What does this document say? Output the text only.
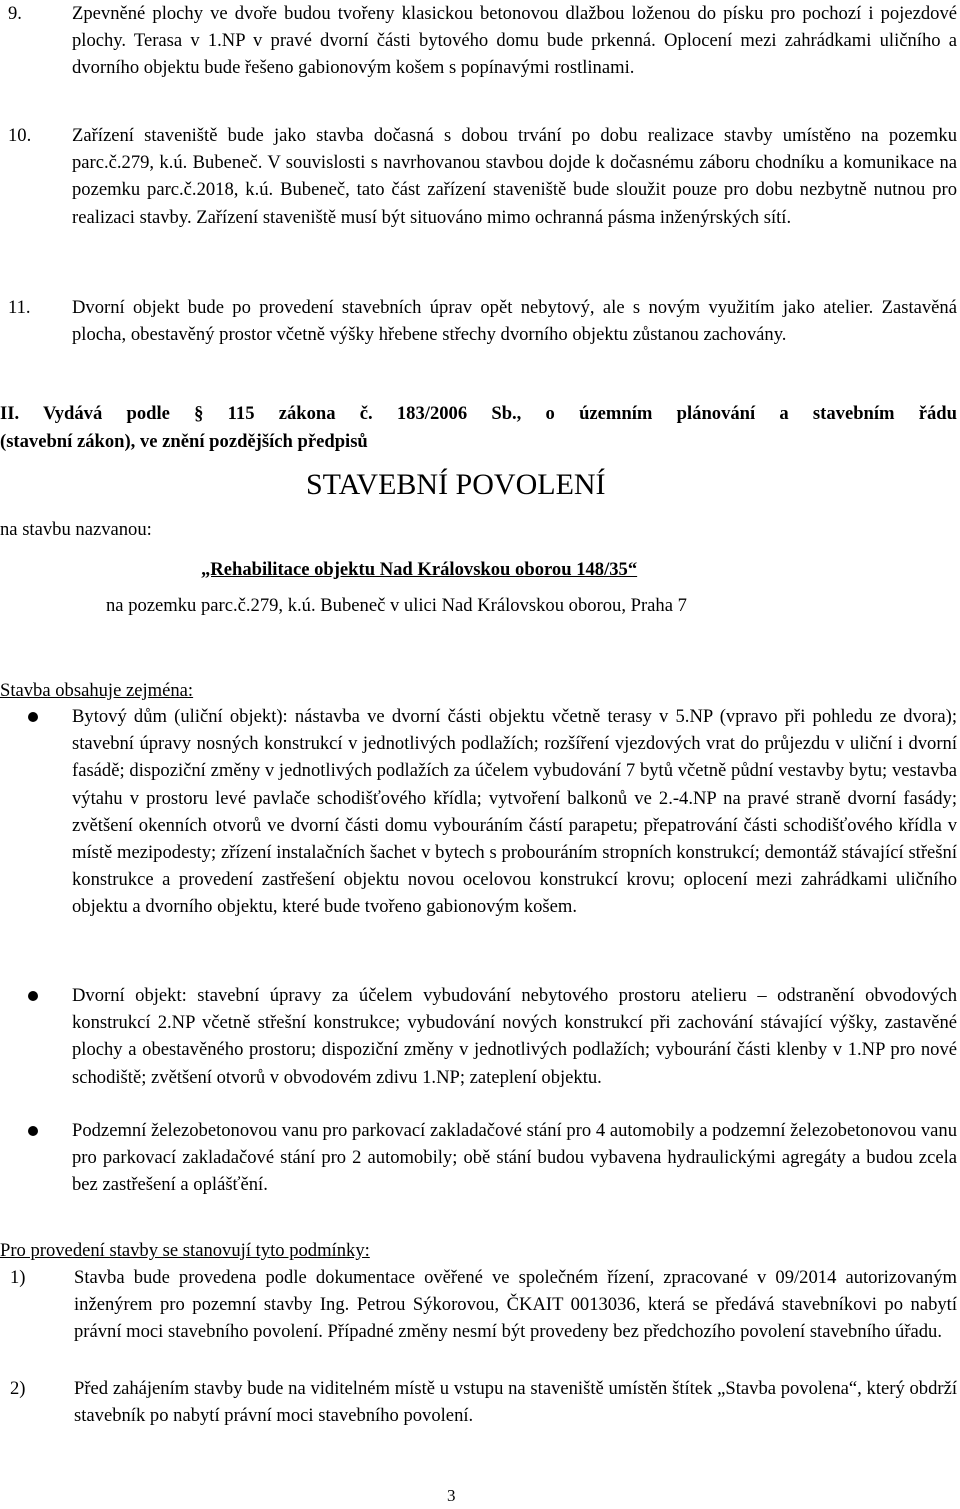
9.	Zpevněné plochy ve dvoře budou tvořeny klasickou betonovou dlažbou loženou do písku pro pochozí i pojezdové plochy. Terasa v 1.NP v pravé dvorní části bytového domu bude prkenná. Oplocení mezi zahrádkami uličního a dvorního objektu bude řešeno gabionovým košem s popínavými rostlinami.
10. Zařízení staveniště bude jako stavba dočasná s dobou trvání po dobu realizace stavby umístěno na pozemku parc.č.279, k.ú. Bubeneč. V souvislosti s navrhovanou stavbou dojde k dočasnému záboru chodníku a komunikace na pozemku parc.č.2018, k.ú. Bubeneč, tato část zařízení staveniště bude sloužit pouze pro dobu nezbytně nutnou pro realizaci stavby. Zařízení staveniště musí být situováno mimo ochranná pásma inženýrských sítí.
11. Dvorní objekt bude po provedení stavebních úprav opět nebytový, ale s novým využitím jako atelier. Zastavěná plocha, obestavěný prostor včetně výšky hřebene střechy dvorního objektu zůstanou zachovány.
II. Vydává podle § 115 zákona č. 183/2006 Sb., o územním plánování a stavebním řádu
(stavební zákon), ve znění pozdějších předpisů
STAVEBNÍ POVOLENÍ
na stavbu nazvanou:
„Rehabilitace objektu Nad Královskou oborou 148/35“
na pozemku parc.č.279, k.ú. Bubeneč v ulici Nad Královskou oborou, Praha 7
Stavba obsahuje zejména:
Bytový dům (uliční objekt): nástavba ve dvorní části objektu včetně terasy v 5.NP (vpravo při pohledu ze dvora); stavební úpravy nosných konstrukcí v jednotlivých podlažích; rozšíření vjezdových vrat do průjezdu v uliční i dvorní fasádě; dispoziční změny v jednotlivých podlažích za účelem vybudování 7 bytů včetně půdní vestavby bytu; vestavba výtahu v prostoru levé pavlače schodišťového křídla; vytvoření balkonů ve 2.-4.NP na pravé straně dvorní fasády; zvětšení okenních otvorů ve dvorní části domu vybouráním částí parapetu; přepatrování části schodišťového křídla v místě mezipodesty; zřízení instalačních šachet v bytech s probouráním stropních konstrukcí; demontáž stávající střešní konstrukce a provedení zastřešení objektu novou ocelovou konstrukcí krovu; oplocení mezi zahrádkami uličního objektu a dvorního objektu, které bude tvořeno gabionovým košem.
Dvorní objekt: stavební úpravy za účelem vybudování nebytového prostoru atelieru – odstranění obvodových konstrukcí 2.NP včetně střešní konstrukce; vybudování nových konstrukcí při zachování stávající výšky, zastavěné plochy a obestavěného prostoru; dispoziční změny v jednotlivých podlažích; vybourání části klenby v 1.NP pro nové schodiště; zvětšení otvorů v obvodovém zdivu 1.NP; zateplení objektu.
Podzemní železobetonovou vanu pro parkovací zakladačové stání pro 4 automobily a podzemní železobetonovou vanu pro parkovací zakladačové stání pro 2 automobily; obě stání budou vybavena hydraulickými agregáty a budou zcela bez zastřešení a oplášťění.
Pro provedení stavby se stanovují tyto podmínky:
1)	Stavba bude provedena podle dokumentace ověřené ve společném řízení, zpracované v 09/2014 autorizovaným inženýrem pro pozemní stavby Ing. Petrou Sýkorovou, ČKAIT 0013036, která se předává stavebníkovi po nabytí právní moci stavebního povolení. Případné změny nesmí být provedeny bez předchozího povolení stavebního úřadu.
2)	Před zahájením stavby bude na viditelném místě u vstupu na staveniště umístěn štítek „Stavba povolena“, který obdrží stavebník po nabytí právní moci stavebního povolení.
3
